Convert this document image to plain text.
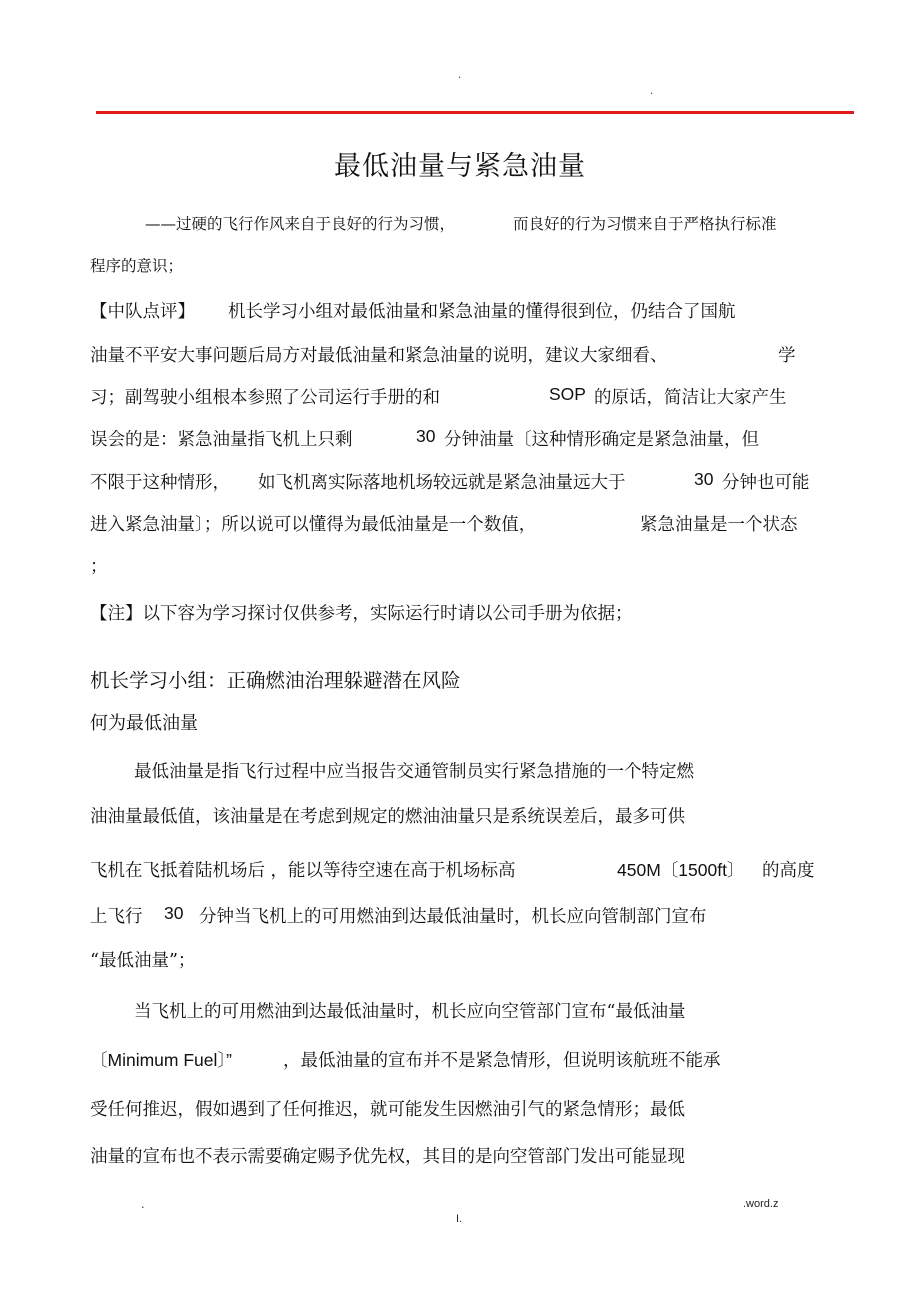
.
.
最低油量与紧急油量
——过硬的飞行作风来自于良好的行为习惯，	而良好的行为习惯来自于严格执行标准
程序的意识；
【中队点评】 机长学习小组对最低油量和紧急油量的懂得很到位，仍结合了国航
油量不平安大事问题后局方对最低油量和紧急油量的说明，建议大家细看、	学
习；副驾驶小组根本参照了公司运行手册的和	SOP 的原话，简洁让大家产生
误会的是：紧急油量指飞机上只剩	30 分钟油量〔这种情形确定是紧急油量，但
不限于这种情形， 如飞机离实际落地机场较远就是紧急油量远大于	30 分钟也可能
进入紧急油量〕；所以说可以懂得为最低油量是一个数值，	紧急油量是一个状态
；
【注】以下容为学习探讨仅供参考，实际运行时请以公司手册为依据；
机长学习小组：正确燃油治理躲避潜在风险
何为最低油量
最低油量是指飞行过程中应当报告交通管制员实行紧急措施的一个特定燃
油油量最低值，该油量是在考虑到规定的燃油油量只是系统误差后，最多可供
飞机在飞抵着陆机场后 ，能以等待空速在高于机场标高	450M〔1500ft〕 的高度
上飞行 30 分钟当飞机上的可用燃油到达最低油量时，机长应向管制部门宣布
“最低油量”；
当飞机上的可用燃油到达最低油量时，机长应向空管部门宣布“最低油量
〔Minimum Fuel〕”	，最低油量的宣布并不是紧急情形，但说明该航班不能承
受任何推迟，假如遇到了任何推迟，就可能发生因燃油引气的紧急情形；最低
油量的宣布也不表示需要确定赐予优先权，其目的是向空管部门发出可能显现
.	.word.z
I.
